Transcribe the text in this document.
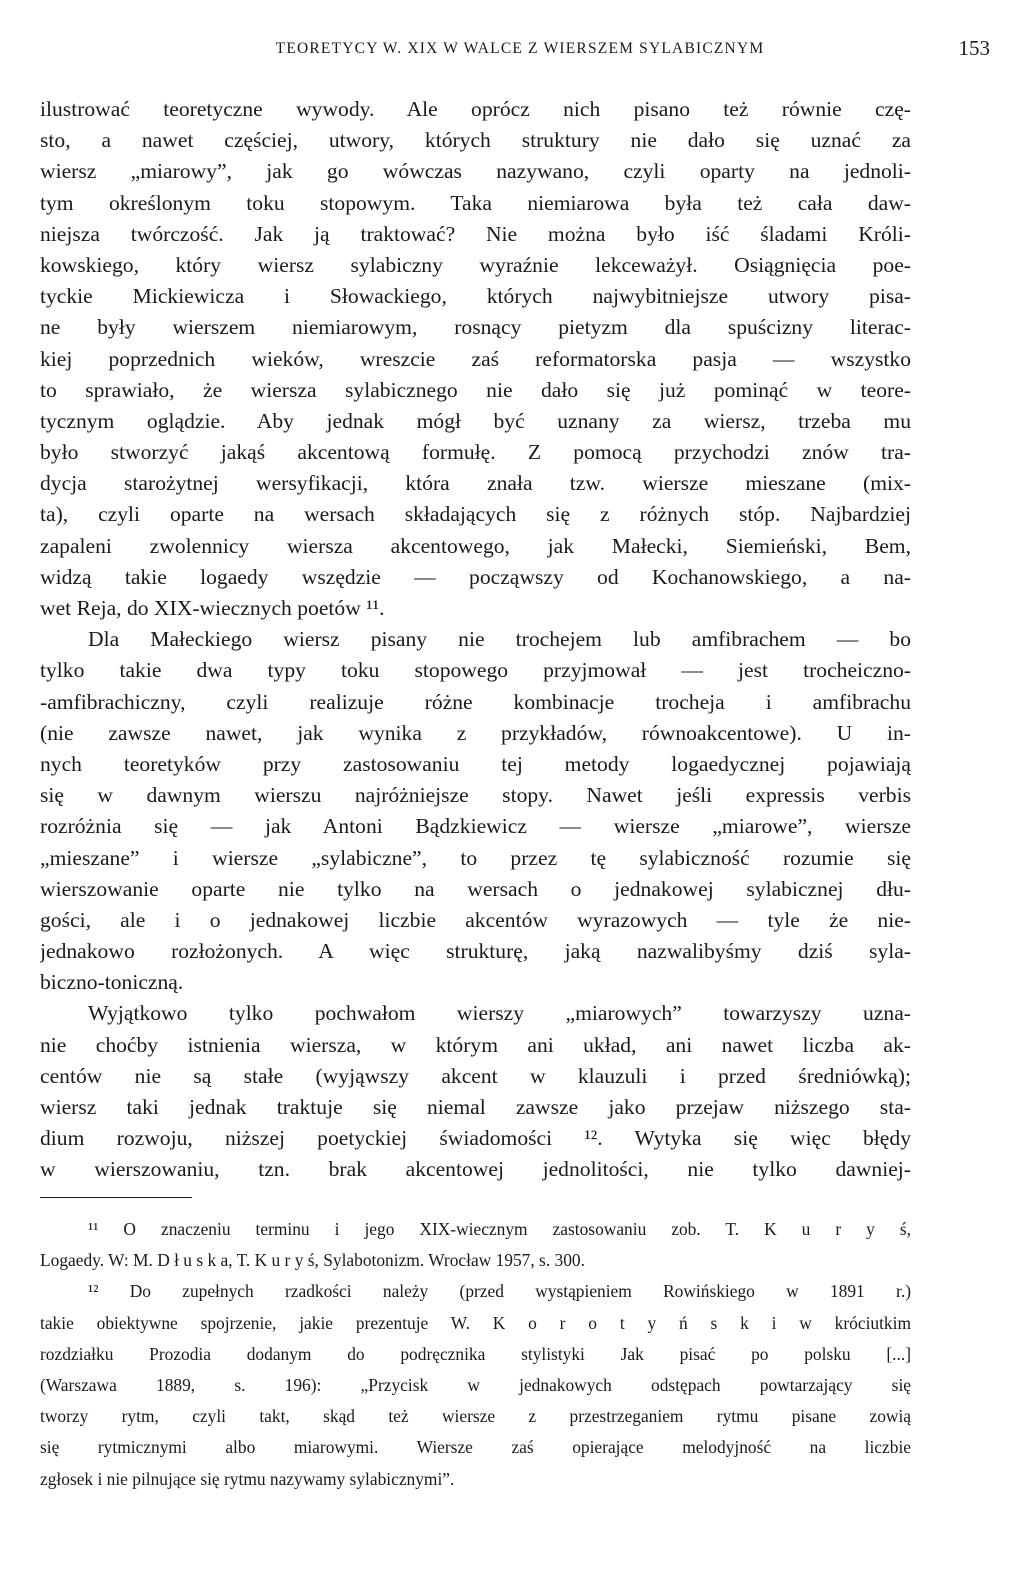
TEORETYCY W. XIX W WALCE Z WIERSZEM SYLABICZNYM	153
ilustrować teoretyczne wywody. Ale oprócz nich pisano też równie czę-
sto, a nawet częściej, utwory, których struktury nie dało się uznać za
wiersz „miarowy”, jak go wówczas nazywano, czyli oparty na jednoli-
tym określonym toku stopowym. Taka niemiarowa była też cała daw-
niejsza twórczość. Jak ją traktować? Nie można było iść śladami Króli-
kowskiego, który wiersz sylabiczny wyraźnie lekceważył. Osiągnięcia poe-
tyckie Mickiewicza i Słowackiego, których najwybitniejsze utwory pisa-
ne były wierszem niemiarowym, rosnący pietyzm dla spuścizny literac-
kiej poprzednich wieków, wreszcie zaś reformatorska pasja — wszystko
to sprawiało, że wiersza sylabicznego nie dało się już pominąć w teore-
tycznym oglądzie. Aby jednak mógł być uznany za wiersz, trzeba mu
było stworzyć jakąś akcentową formułę. Z pomocą przychodzi znów tra-
dycja starożytnej wersyfikacji, która znała tzw. wiersze mieszane (mix-
ta), czyli oparte na wersach składających się z różnych stóp. Najbardziej
zapaleni zwolennicy wiersza akcentowego, jak Małecki, Siemieński, Bem,
widzą takie logaedy wszędzie — począwszy od Kochanowskiego, a na-
wet Reja, do XIX-wiecznych poetów ¹¹.
Dla Małeckiego wiersz pisany nie trochejem lub amfibrachem — bo
tylko takie dwa typy toku stopowego przyjmował — jest trocheiczno-
-amfibrachiczny, czyli realizuje różne kombinacje trocheja i amfibrachu
(nie zawsze nawet, jak wynika z przykładów, równoakcentowe). U in-
nych teoretyków przy zastosowaniu tej metody logaedycznej pojawiają
się w dawnym wierszu najróżniejsze stopy. Nawet jeśli expressis verbis
rozróżnia się — jak Antoni Bądzkiewicz — wiersze „miarowe”, wiersze
„mieszane” i wiersze „sylabiczne”, to przez tę sylabiczność rozumie się
wierszowanie oparte nie tylko na wersach o jednakowej sylabicznej dłu-
gości, ale i o jednakowej liczbie akcentów wyrazowych — tyle że nie-
jednakowo rozłożonych. A więc strukturę, jaką nazwalibyśmy dziś syla-
biczno-toniczną.
Wyjątkowo tylko pochwałom wierszy „miarowych” towarzyszy uzna-
nie choćby istnienia wiersza, w którym ani układ, ani nawet liczba ak-
centów nie są stałe (wyjąwszy akcent w klauzuli i przed średniówką);
wiersz taki jednak traktuje się niemal zawsze jako przejaw niższego sta-
dium rozwoju, niższej poetyckiej świadomości ¹². Wytyka się więc błędy
w wierszowaniu, tzn. brak akcentowej jednolitości, nie tylko dawniej-
¹¹ O znaczeniu terminu i jego XIX-wiecznym zastosowaniu zob. T. K u r y ś,
Logaedy. W: M. D ł u s k a, T. K u r y ś, Sylabotonizm. Wrocław 1957, s. 300.
¹² Do zupełnych rzadkości należy (przed wystąpieniem Rowińskiego w 1891 r.)
takie obiektywne spojrzenie, jakie prezentuje W. K o r o t y ń s k i w króciutkim
rozdziałku Prozodia dodanym do podręcznika stylistyki Jak pisać po polsku [...]
(Warszawa 1889, s. 196): „Przycisk w jednakowych odstępach powtarzający się
tworzy rytm, czyli takt, skąd też wiersze z przestrzeganiem rytmu pisane zowią
się rytmicznymi albo miarowymi. Wiersze zaś opierające melodyjność na liczbie
zgłosek i nie pilnujące się rytmu nazywamy sylabicznymi”.
